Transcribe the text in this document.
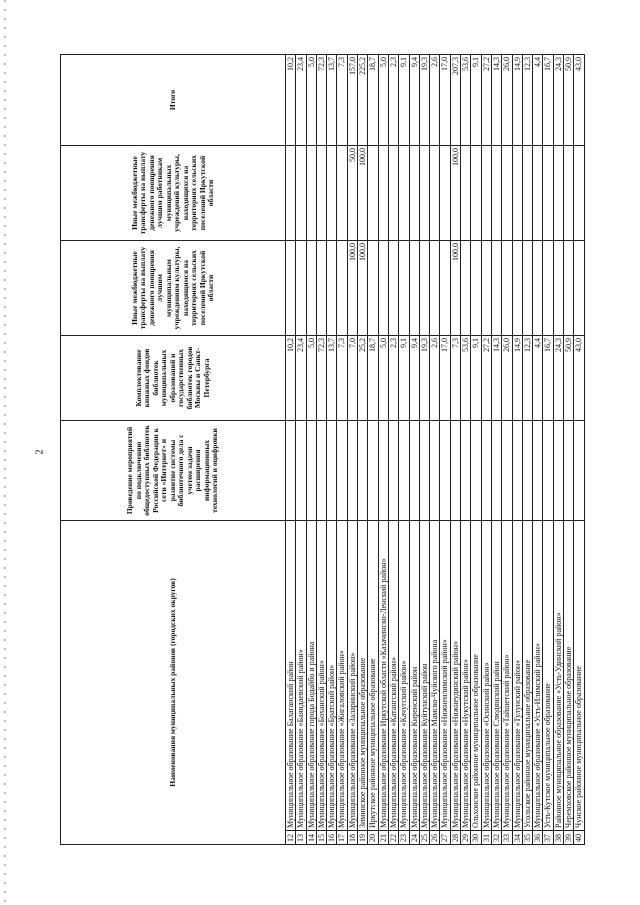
2
Наименования муниципальных районов (городских округов)		Проведение мероприятий по подключению общедоступных библиотек Российской Федерации к сети «Интернет» и развитие системы библиотечного дела с учетом задачи расширения информационных технологий и оцифровки	Комплектование книжных фондов библиотек муниципальных образований и государственных библиотек городов Москвы и Санкт-Петербурга	Иные межбюджетные трансферты на выплату денежного поощрения лучшим муниципальным учреждениям культуры, находящимся на территориях сельских поселений Иркутской области	Иные межбюджетные трансферты на выплату денежного поощрения лучшим работникам муниципальных учреждений культуры, находящихся на территориях сельских поселений Иркутской области	Итого
12	Муниципальное образование Балаганский район		10,2			10,2
13	Муниципальное образование «Баяндаевский район»		23,4			23,4
14	Муниципальное образование города Бодайбо и района		5,0			5,0
15	Муниципальное образование «Боханский район»		72,3			72,3
16	Муниципальное образование «Братский район»		13,7			13,7
17	Муниципальное образование «Жигаловский район»		7,3			7,3
18	Муниципальное образование «Заларинский район»		7,0	100,0	50,0	157,0
19	Зиминское районное муниципальное образование		25,2	100,0	100,0	225,2
20	Иркутское районное муниципальное образование		18,7			18,7
21	Муниципальное образование Иркутской области «Казачинско-Ленский район»		5,0			5,0
22	Муниципальное образование «Катангский район»		2,3			2,3
23	Муниципальное образование «Качугский район»		9,1			9,1
24	Муниципальное образование Киренский район		9,4			9,4
25	Муниципальное образование Куйтунский район		19,3			19,3
26	Муниципальное образование Мамско-Чуйского района		2,6			2,6
27	Муниципальное образование «Нижнеилимский район»		17,0			17,0
28	Муниципальное образование «Нижнеудинский район»		7,3	100,0	100,0	207,3
29	Муниципальное образование «Нукутский район»		53,6			53,6
30	Ольхонское районное муниципальное образование		9,1			9,1
31	Муниципальное образование «Осинский район»		27,2			27,2
32	Муниципальное образование Слюдянский район		14,3			14,3
33	Муниципальное образование «Тайшетский район»		26,0			26,0
34	Муниципальное образование «Тулунский район»		14,9			14,9
35	Усольское районное муниципальное образование		12,3			12,3
36	Муниципальное образование «Усть-Илимский район»		4,4			4,4
37	Усть-Кутское муниципальное образование		16,7			16,7
38	Районное муниципальное образование «Усть-Удинский район»		24,3			24,3
39	Черемховское районное муниципальное образование		50,9			50,9
40	Чунское районное муниципальное образование		43,0			43,0
